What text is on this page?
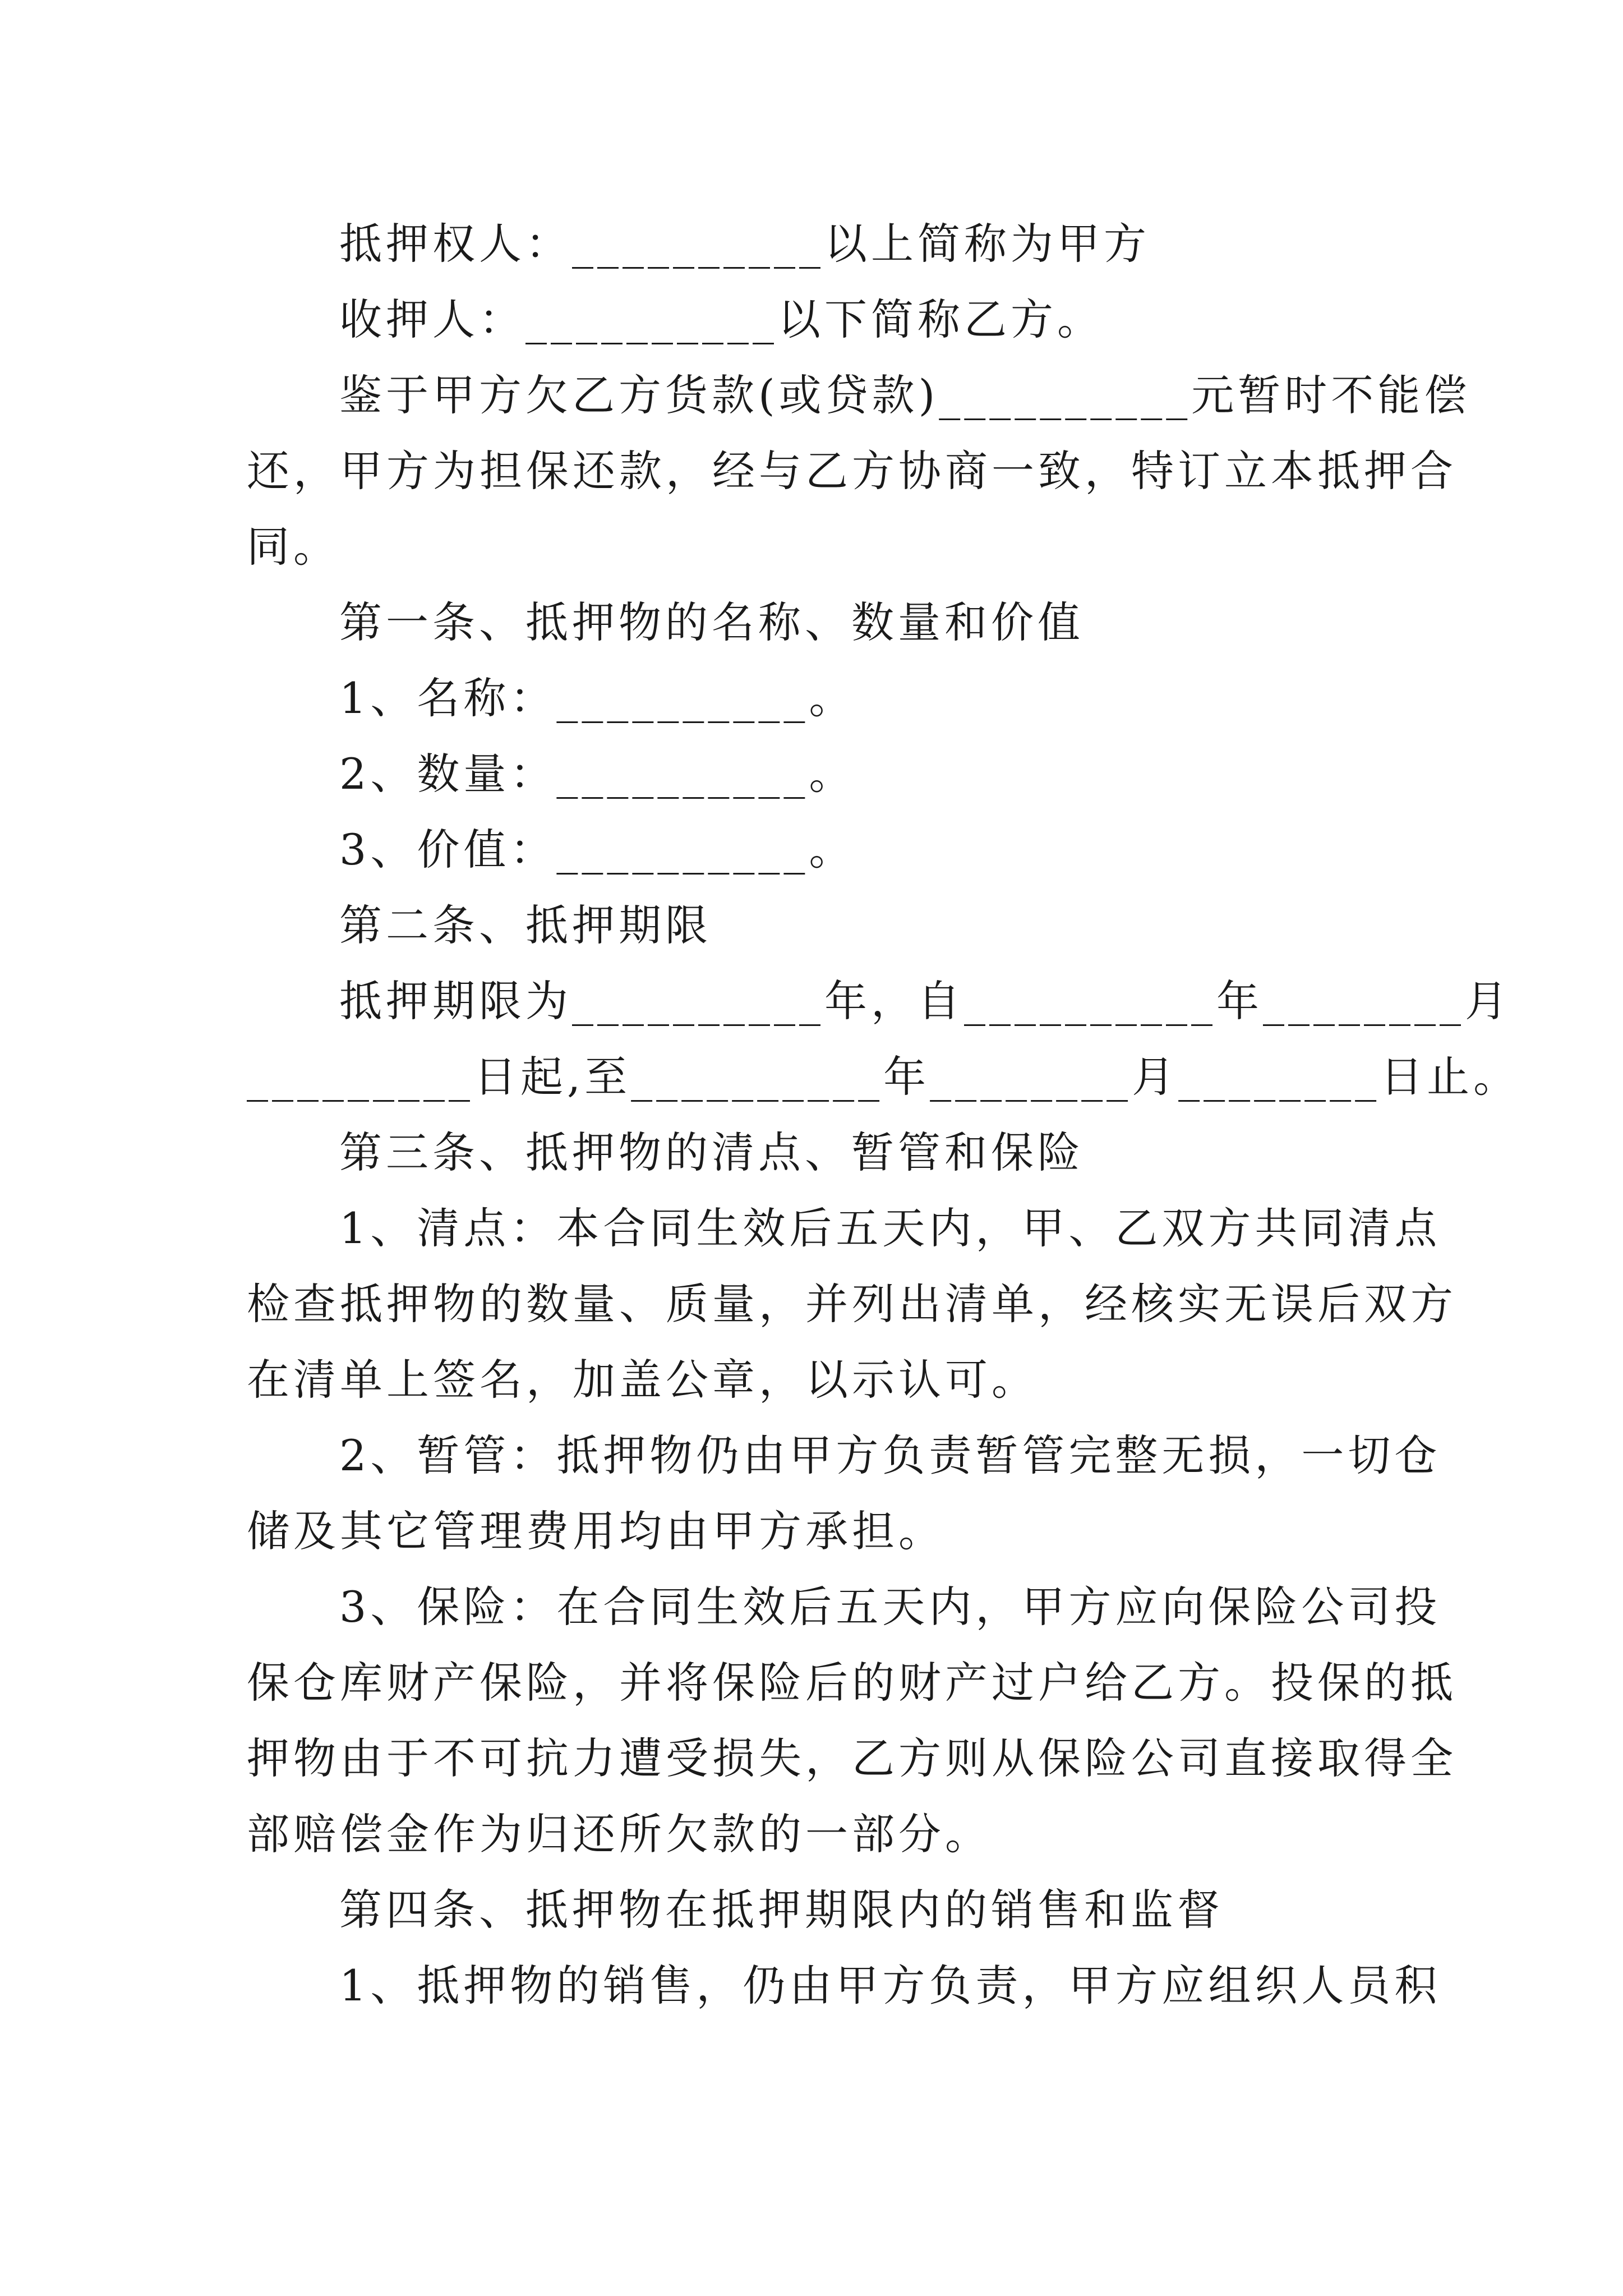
抵押权人：__________以上简称为甲方
收押人：__________以下简称乙方。
鉴于甲方欠乙方货款(或贷款)__________元暂时不能偿
还，甲方为担保还款，经与乙方协商一致，特订立本抵押合
同。
第一条、抵押物的名称、数量和价值
1、名称：__________。
2、数量：__________。
3、价值：__________。
第二条、抵押期限
抵押期限为__________年，自__________年________月
_________日起,至__________年________月________日止。
第三条、抵押物的清点、暂管和保险
1、清点：本合同生效后五天内，甲、乙双方共同清点
检查抵押物的数量、质量，并列出清单，经核实无误后双方
在清单上签名，加盖公章，以示认可。
2、暂管：抵押物仍由甲方负责暂管完整无损，一切仓
储及其它管理费用均由甲方承担。
3、保险：在合同生效后五天内，甲方应向保险公司投
保仓库财产保险，并将保险后的财产过户给乙方。投保的抵
押物由于不可抗力遭受损失，乙方则从保险公司直接取得全
部赔偿金作为归还所欠款的一部分。
第四条、抵押物在抵押期限内的销售和监督
1、抵押物的销售，仍由甲方负责，甲方应组织人员积
